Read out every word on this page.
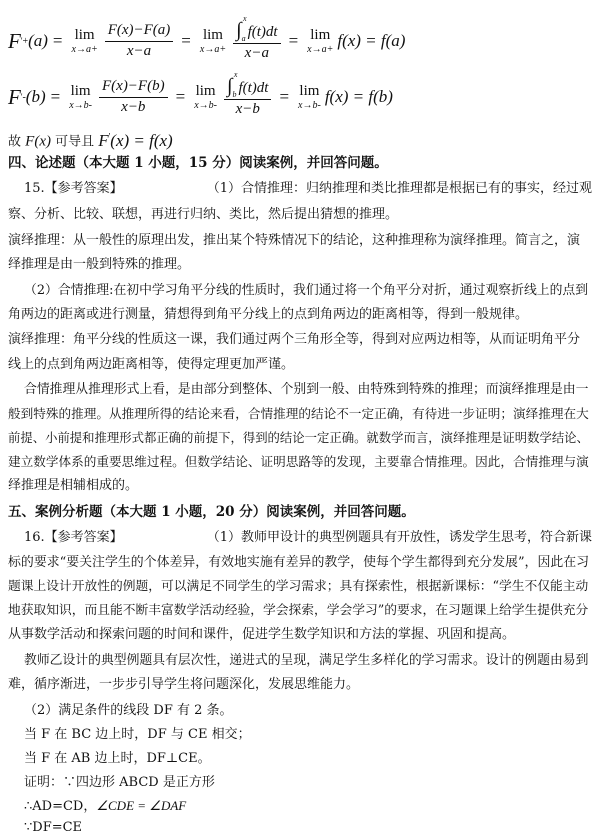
F ' + (a) = lim
$x\to a+ \frac{F(x)-F(a)}{x-a} = \lim$
x→a+ ∫
x
a f(t)dt
x−a = lim
x→a+ f(x) = f(a)
F ' - (b) = lim
$x\to b- \frac{F(x)-F(b)}{x-b} = \lim$
x→b- ∫
x
b f(t)dt
x−b = lim
x→b- f(x) = f(b)
故 F(x) 可导且 F'(x) = f(x)
四、论述题（本大题 1 小题，15 分）阅读案例，并回答问题。
15.【参考答案】	（1）合情推理：归纳推理和类比推理都是根据已有的事实，经过观
察、分析、比较、联想，再进行归纳、类比，然后提出猜想的推理。
演绎推理：从一般性的原理出发，推出某个特殊情况下的结论，这种推理称为演绎推理。简言之，演
绎推理是由一般到特殊的推理。
（2）合情推理:在初中学习角平分线的性质时，我们通过将一个角平分对折，通过观察折线上的点到
角两边的距离或进行测量，猜想得到角平分线上的点到角两边的距离相等，得到一般规律。
演绎推理：角平分线的性质这一课，我们通过两个三角形全等，得到对应两边相等，从而证明角平分
线上的点到角两边距离相等，使得定理更加严谨。
合情推理从推理形式上看，是由部分到整体、个别到一般、由特殊到特殊的推理；而演绎推理是由一
般到特殊的推理。从推理所得的结论来看，合情推理的结论不一定正确，有待进一步证明；演绎推理在大
前提、小前提和推理形式都正确的前提下，得到的结论一定正确。就数学而言，演绎推理是证明数学结论、
建立数学体系的重要思维过程。但数学结论、证明思路等的发现，主要靠合情推理。因此，合情推理与演
绎推理是相辅相成的。
五、案例分析题（本大题 1 小题，20 分）阅读案例，并回答问题。
16.【参考答案】	（1）教师甲设计的典型例题具有开放性，诱发学生思考，符合新课
标的要求“要关注学生的个体差异，有效地实施有差异的教学，使每个学生都得到充分发展”，因此在习
题课上设计开放性的例题，可以满足不同学生的学习需求；具有探索性，根据新课标：“学生不仅能主动
地获取知识，而且能不断丰富数学活动经验，学会探索，学会学习”的要求，在习题课上给学生提供充分
从事数学活动和探索问题的时间和课件，促进学生数学知识和方法的掌握、巩固和提高。
教师乙设计的典型例题具有层次性，递进式的呈现，满足学生多样化的学习需求。设计的例题由易到
难，循序渐进，一步步引导学生将问题深化，发展思维能力。
（2）满足条件的线段 DF 有 2 条。
当 F 在 BC 边上时，DF 与 CE 相交；
当 F 在 AB 边上时，DF⊥CE。
证明：∵四边形 ABCD 是正方形
∴AD=CD，∠CDE = ∠DAF
∵DF=CE
